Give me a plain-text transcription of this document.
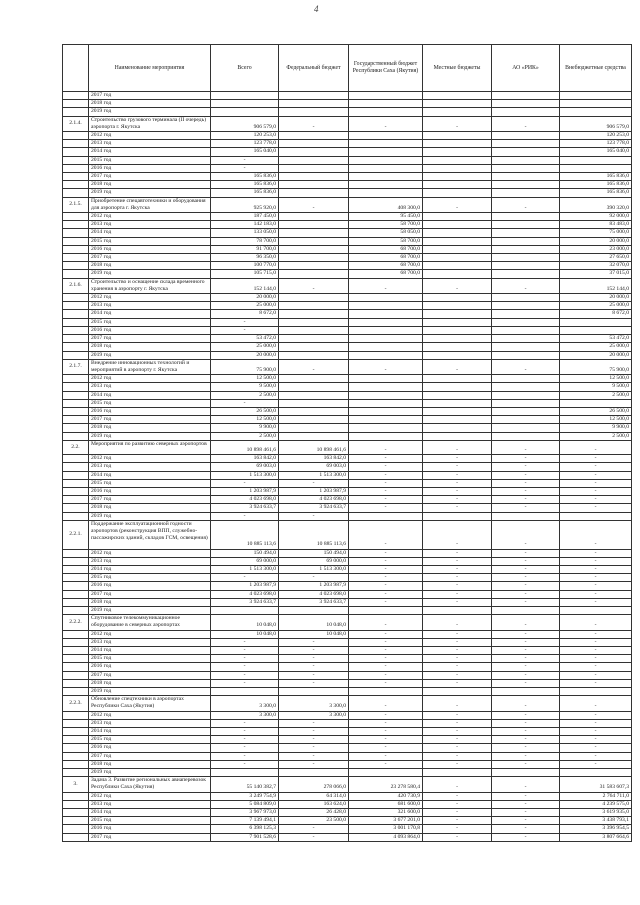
4
	Наименование мероприятия	Всего	Федеральный бюджет	Государственный бюджет Республики Саха (Якутия)	Местные бюджеты	АО «РИК»	Внебюджетные средства
	2017 год						
	2018 год						
	2019 год						
2.1.4.	Строительство грузового терминала (II очередь) аэропорта г. Якутска	906 579,0	-	-	-	-	906 579,0
	2012 год	120 253,0					120 253,0
	2013 год	123 778,0					123 778,0
	2014 год	165 040,0					165 040,0
	2015 год	-					
	2016 год	-					
	2017 год	165 836,0					165 836,0
	2018 год	165 836,0					165 836,0
	2019 год	165 836,0					165 836,0
2.1.5.	Приобретение спецавтотехники и оборудования для аэропорта г. Якутска	925 920,0	-	408 300,0	-	-	390 320,0
	2012 год	187 450,0		95 450,0			92 000,0
	2013 год	142 183,0		58 700,0			83 483,0
	2014 год	133 050,0		58 050,0			75 000,0
	2015 год	78 700,0		58 700,0			20 000,0
	2016 год	91 700,0		68 700,0			23 000,0
	2017 год	96 350,0		68 700,0			27 650,0
	2018 год	100 770,0		68 700,0			32 070,0
	2019 год	105 715,0		68 700,0			37 015,0
2.1.6.	Строительство и оснащение склада временного хранения в аэропорту г. Якутска	152 144,0	-	-	-	-	152 144,0
	2012 год	20 000,0					20 000,0
	2013 год	25 000,0					25 000,0
	2014 год	8 672,0					8 672,0
	2015 год	-					
	2016 год	-					
	2017 год	53 472,0					53 472,0
	2018 год	25 000,0					25 000,0
	2019 год	20 000,0					20 000,0
2.1.7.	Внедрение инновационных технологий и мероприятий в аэропорту г. Якутска	75 900,0	-	-	-	-	75 900,0
	2012 год	12 500,0					12 500,0
	2013 год	9 500,0					9 500,0
	2014 год	2 500,0					2 500,0
	2015 год	-					
	2016 год	26 500,0					26 500,0
	2017 год	12 500,0					12 500,0
	2018 год	9 900,0					9 900,0
	2019 год	2 500,0					2 500,0
2.2.	Мероприятия по развитию северных аэропортов	10 898 461,6	10 898 461,6	-	-	-	-
	2012 год	163 842,0	163 842,0	-	-	-	-
	2013 год	69 003,0	69 003,0	-	-	-	-
	2014 год	1 513 300,0	1 513 300,0	-	-	-	-
	2015 год	-	-	-	-	-	-
	2016 год	1 203 987,9	1 203 987,9	-	-	-	-
	2017 год	4 023 698,0	4 023 698,0	-	-	-	-
	2018 год	3 924 633,7	3 924 633,7	-	-	-	-
	2019 год	-	-				
2.2.1.	Поддержание эксплуатационной годности аэропортов (реконструкция ВПП, служебно-пассажирских зданий, складов ГСМ, освещения)	10 885 113,6	10 885 113,6	-	-	-	-
	2012 год	150 494,0	150 494,0	-	-	-	-
	2013 год	69 000,0	69 000,0	-	-	-	-
	2014 год	1 513 300,0	1 513 300,0	-	-	-	-
	2015 год	-	-	-	-	-	-
	2016 год	1 203 987,9	1 203 987,9	-	-	-	-
	2017 год	4 023 698,0	4 023 698,0	-	-	-	-
	2018 год	3 924 633,7	3 924 633,7	-	-	-	-
	2019 год						
2.2.2.	Спутниковое телекоммуникационное оборудование в северных аэропортах	10 048,0	10 048,0	-	-	-	-
	2012 год	10 048,0	10 048,0	-	-	-	-
	2013 год	-	-	-	-	-	-
	2014 год	-	-	-	-	-	-
	2015 год	-	-	-	-	-	-
	2016 год	-	-	-	-	-	-
	2017 год	-	-	-	-	-	-
	2018 год	-	-	-	-	-	-
	2019 год						
2.2.3.	Обновление спецтехники в аэропортах Республики Саха (Якутия)	3 300,0	3 300,0	-	-	-	-
	2012 год	3 300,0	3 300,0	-	-	-	-
	2013 год	-	-	-	-	-	-
	2014 год	-	-	-	-	-	-
	2015 год	-	-	-	-	-	-
	2016 год	-	-	-	-	-	-
	2017 год	-	-	-	-	-	-
	2018 год	-	-	-	-	-	-
	2019 год						
3.	Задача 3. Развитие региональных авиаперевозок Республики Саха (Якутия)	55 140 382,7	278 066,0	23 278 580,4	-	-	31 583 607,3
	2012 год	3 249 754,9	64 314,0	420 730,9	-	-	2 764 711,0
	2013 год	5 084 809,0	163 624,0	681 600,0	-	-	4 239 575,0
	2014 год	3 967 973,0	26 428,0	321 600,0	-	-	3 619 935,0
	2015 год	7 139 494,1	23 500,0	3 677 201,0	-	-	3 438 793,1
	2016 год	6 398 125,3	-	3 001 170,8	-	-	3 396 954,5
	2017 год	7 901 528,6	-	4 093 864,0	-	-	3 807 664,6
